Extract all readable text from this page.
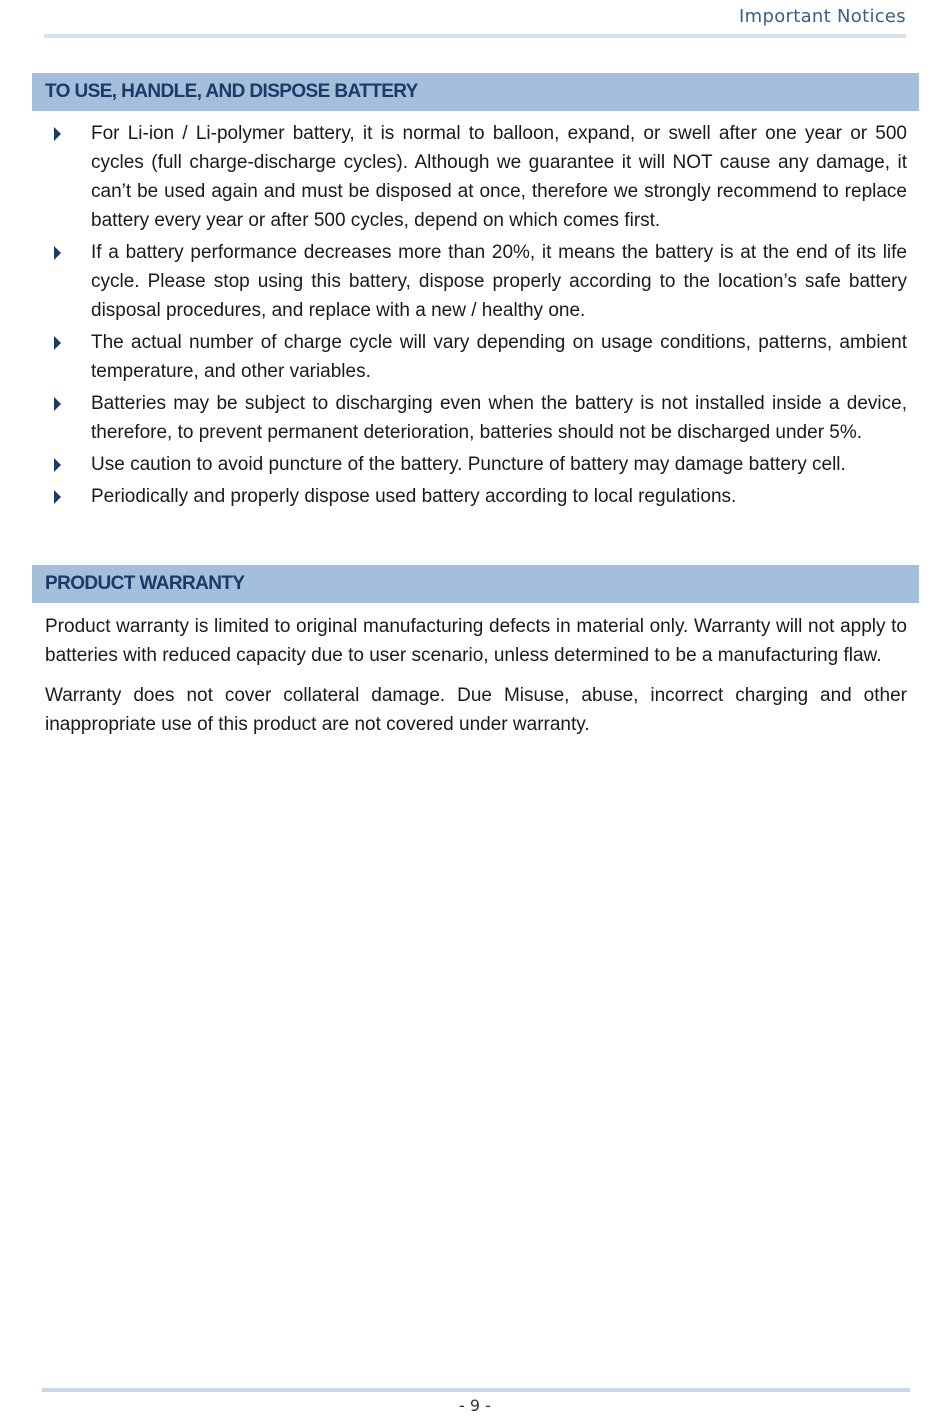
Important Notices
TO USE, HANDLE, AND DISPOSE BATTERY
For Li-ion / Li-polymer battery, it is normal to balloon, expand, or swell after one year or 500 cycles (full charge-discharge cycles). Although we guarantee it will NOT cause any damage, it can’t be used again and must be disposed at once, therefore we strongly recommend to replace battery every year or after 500 cycles, depend on which comes first.
If a battery performance decreases more than 20%, it means the battery is at the end of its life cycle. Please stop using this battery, dispose properly according to the location’s safe battery disposal procedures, and replace with a new / healthy one.
The actual number of charge cycle will vary depending on usage conditions, patterns, ambient temperature, and other variables.
Batteries may be subject to discharging even when the battery is not installed inside a device, therefore, to prevent permanent deterioration, batteries should not be discharged under 5%.
Use caution to avoid puncture of the battery. Puncture of battery may damage battery cell.
Periodically and properly dispose used battery according to local regulations.
PRODUCT WARRANTY

Product warranty is limited to original manufacturing defects in material only. Warranty will not apply to batteries with reduced capacity due to user scenario, unless determined to be a manufacturing flaw.

Warranty does not cover collateral damage. Due Misuse, abuse, incorrect charging and other inappropriate use of this product are not covered under warranty.

- 9 -
